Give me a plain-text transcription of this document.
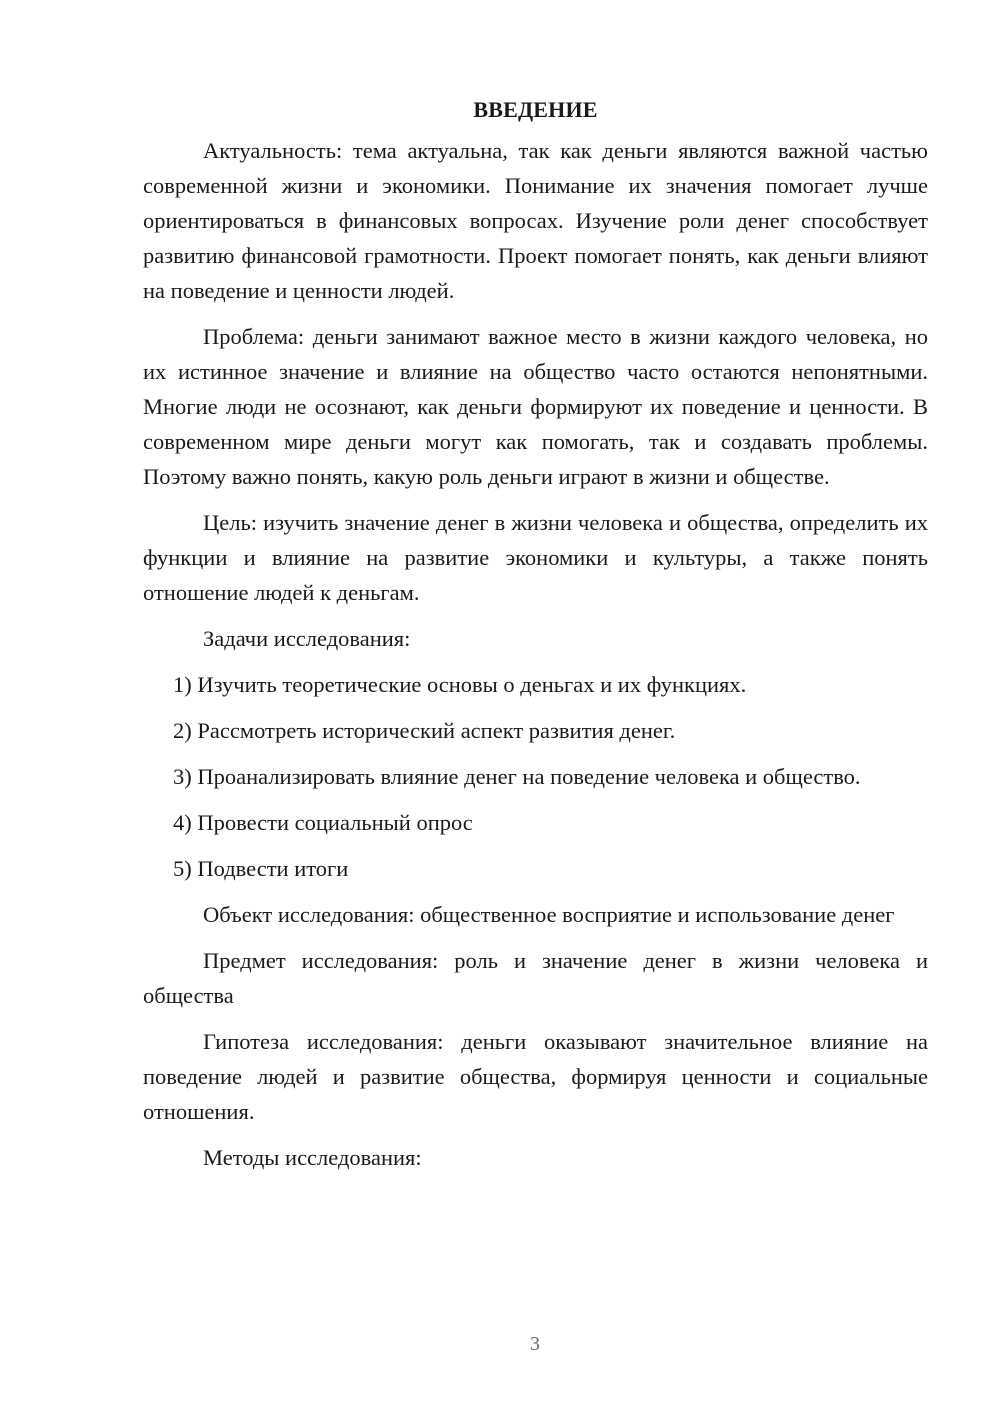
ВВЕДЕНИЕ

Актуальность: тема актуальна, так как деньги являются важной частью современной жизни и экономики. Понимание их значения помогает лучше ориентироваться в финансовых вопросах. Изучение роли денег способствует развитию финансовой грамотности. Проект помогает понять, как деньги влияют на поведение и ценности людей.

Проблема: деньги занимают важное место в жизни каждого человека, но их истинное значение и влияние на общество часто остаются непонятными. Многие люди не осознают, как деньги формируют их поведение и ценности. В современном мире деньги могут как помогать, так и создавать проблемы. Поэтому важно понять, какую роль деньги играют в жизни и обществе.

Цель: изучить значение денег в жизни человека и общества, определить их функции и влияние на развитие экономики и культуры, а также понять отношение людей к деньгам.

Задачи исследования:

1) Изучить теоретические основы о деньгах и их функциях.

2) Рассмотреть исторический аспект развития денег.

3) Проанализировать влияние денег на поведение человека и общество.

4) Провести социальный опрос

5) Подвести итоги

Объект исследования: общественное восприятие и использование денег

Предмет исследования: роль и значение денег в жизни человека и общества

Гипотеза исследования: деньги оказывают значительное влияние на поведение людей и развитие общества, формируя ценности и социальные отношения.

Методы исследования:

3
